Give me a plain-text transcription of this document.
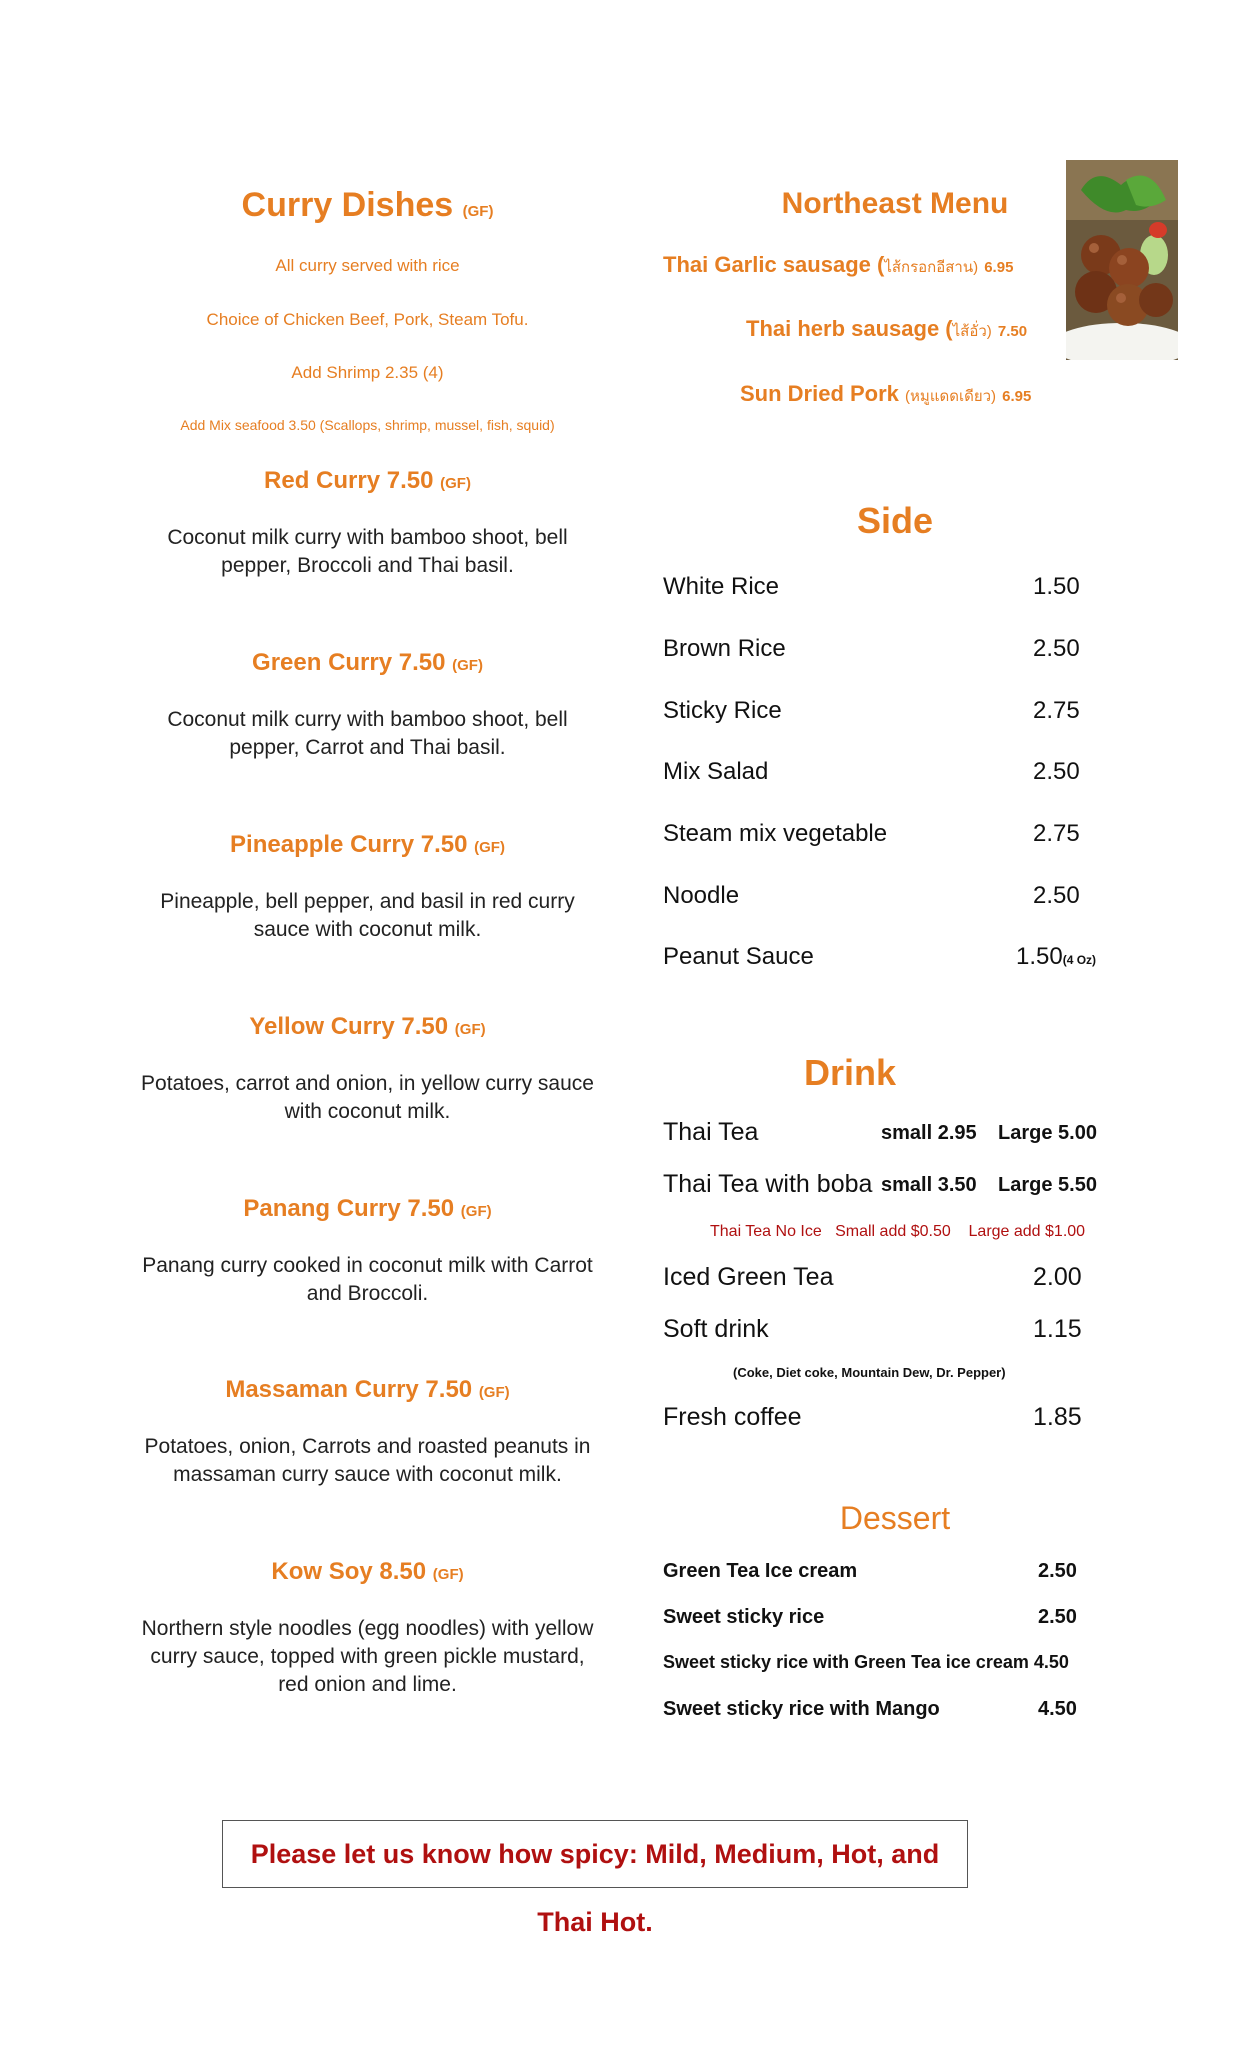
Curry Dishes (GF)
All curry served with rice
Choice of Chicken Beef, Pork, Steam Tofu.
Add Shrimp 2.35 (4)
Add Mix seafood 3.50 (Scallops, shrimp, mussel, fish, squid)
Red Curry 7.50 (GF)
Coconut milk curry with bamboo shoot, bell pepper, Broccoli and Thai basil.
Green Curry 7.50 (GF)
Coconut milk curry with bamboo shoot, bell pepper, Carrot and Thai basil.
Pineapple Curry 7.50 (GF)
Pineapple, bell pepper, and basil in red curry sauce with coconut milk.
Yellow Curry 7.50 (GF)
Potatoes, carrot and onion, in yellow curry sauce with coconut milk.
Panang Curry 7.50 (GF)
Panang curry cooked in coconut milk with Carrot and Broccoli.
Massaman Curry 7.50 (GF)
Potatoes, onion, Carrots and roasted peanuts in massaman curry sauce with coconut milk.
Kow Soy 8.50 (GF)
Northern style noodles (egg noodles) with yellow curry sauce, topped with green pickle mustard, red onion and lime.
Northeast Menu
Thai Garlic sausage (ไส้กรอกอีสาน) 6.95
Thai herb sausage (ไส้อั่ว) 7.50
Sun Dried Pork (หมูแดดเดียว) 6.95
Side
White Rice	1.50
Brown Rice	2.50
Sticky Rice	2.75
Mix Salad	2.50
Steam mix vegetable	2.75
Noodle	2.50
Peanut Sauce	1.50(4 Oz)
Drink
Thai Tea	small 2.95 Large 5.00
Thai Tea with boba small 3.50 Large 5.50
Thai Tea No Ice   Small add $0.50    Large add $1.00
Iced Green Tea	2.00
Soft drink	1.15
(Coke, Diet coke, Mountain Dew, Dr. Pepper)
Fresh coffee	1.85
Dessert
Green Tea Ice cream	2.50
Sweet sticky rice	2.50
Sweet sticky rice with Green Tea ice cream 4.50
Sweet sticky rice with Mango	4.50
Please let us know how spicy: Mild, Medium, Hot, and Thai Hot.
